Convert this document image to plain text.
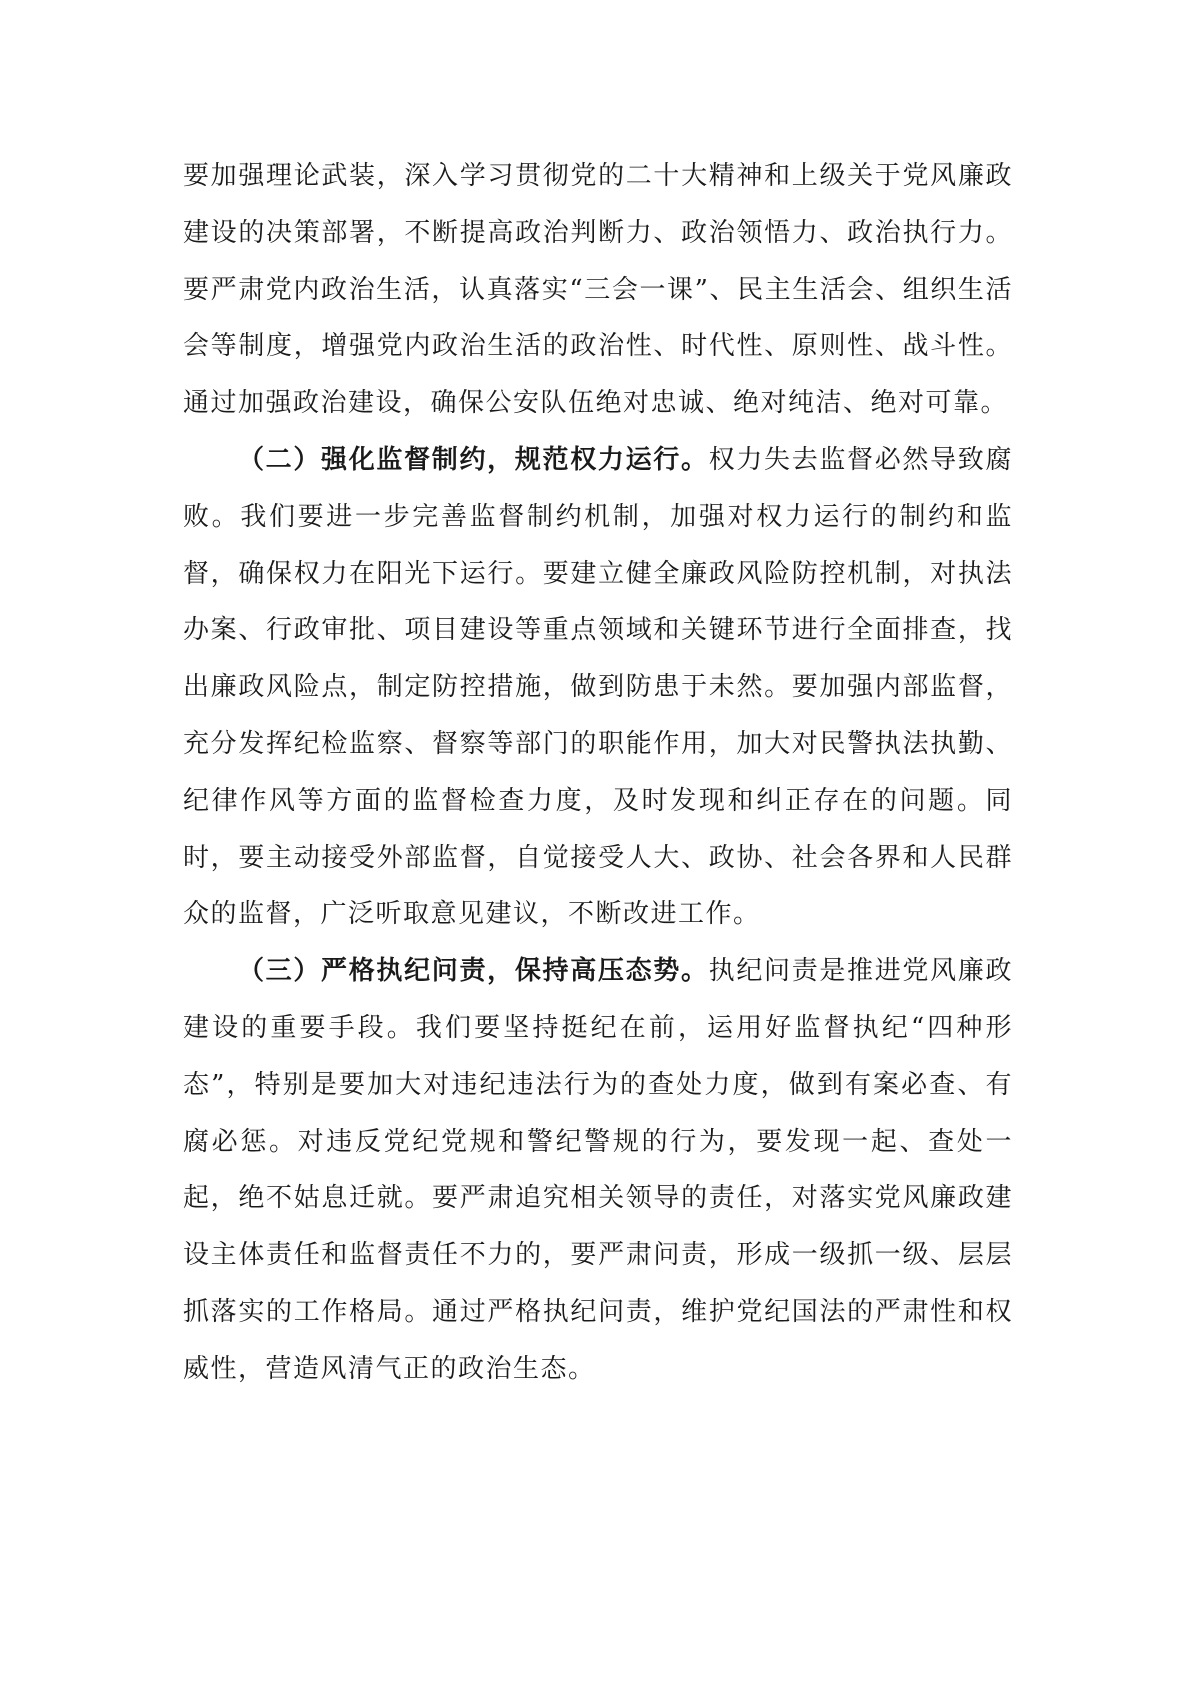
要加强理论武装，深入学习贯彻党的二十大精神和上级关于党风廉政建设的决策部署，不断提高政治判断力、政治领悟力、政治执行力。要严肃党内政治生活，认真落实“三会一课”、民主生活会、组织生活会等制度，增强党内政治生活的政治性、时代性、原则性、战斗性。通过加强政治建设，确保公安队伍绝对忠诚、绝对纯洁、绝对可靠。

（二）强化监督制约，规范权力运行。权力失去监督必然导致腐败。我们要进一步完善监督制约机制，加强对权力运行的制约和监督，确保权力在阳光下运行。要建立健全廉政风险防控机制，对执法办案、行政审批、项目建设等重点领域和关键环节进行全面排查，找出廉政风险点，制定防控措施，做到防患于未然。要加强内部监督，充分发挥纪检监察、督察等部门的职能作用，加大对民警执法执勤、纪律作风等方面的监督检查力度，及时发现和纠正存在的问题。同时，要主动接受外部监督，自觉接受人大、政协、社会各界和人民群众的监督，广泛听取意见建议，不断改进工作。

（三）严格执纪问责，保持高压态势。执纪问责是推进党风廉政建设的重要手段。我们要坚持挺纪在前，运用好监督执纪“四种形态”，特别是要加大对违纪违法行为的查处力度，做到有案必查、有腐必惩。对违反党纪党规和警纪警规的行为，要发现一起、查处一起，绝不姑息迁就。要严肃追究相关领导的责任，对落实党风廉政建设主体责任和监督责任不力的，要严肃问责，形成一级抓一级、层层抓落实的工作格局。通过严格执纪问责，维护党纪国法的严肃性和权威性，营造风清气正的政治生态。
